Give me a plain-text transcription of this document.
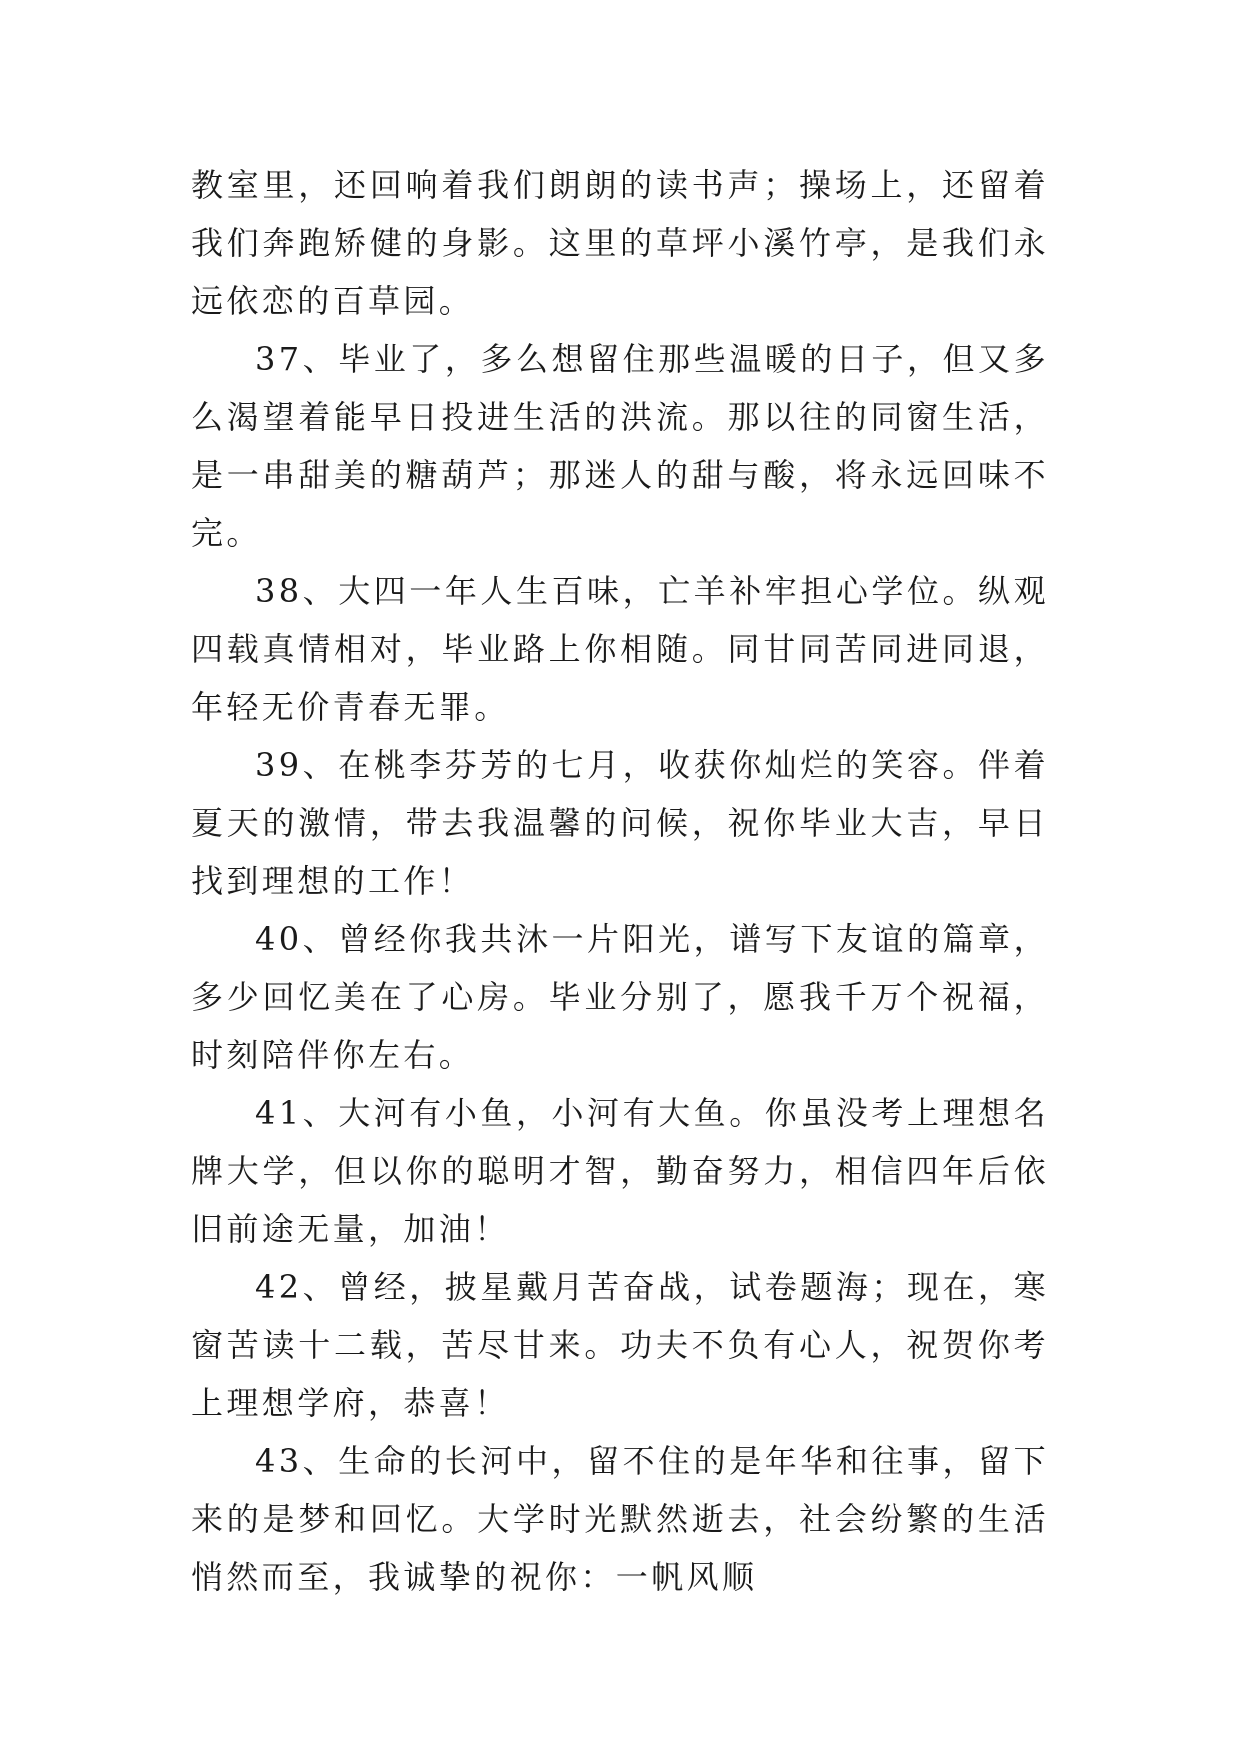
教室里，还回响着我们朗朗的读书声；操场上，还留着我们奔跑矫健的身影。这里的草坪小溪竹亭，是我们永远依恋的百草园。

37、毕业了，多么想留住那些温暖的日子，但又多么渴望着能早日投进生活的洪流。那以往的同窗生活，是一串甜美的糖葫芦；那迷人的甜与酸，将永远回味不完。

38、大四一年人生百味，亡羊补牢担心学位。纵观四载真情相对，毕业路上你相随。同甘同苦同进同退，年轻无价青春无罪。

39、在桃李芬芳的七月，收获你灿烂的笑容。伴着夏天的激情，带去我温馨的问候，祝你毕业大吉，早日找到理想的工作！

40、曾经你我共沐一片阳光，谱写下友谊的篇章，多少回忆美在了心房。毕业分别了，愿我千万个祝福，时刻陪伴你左右。

41、大河有小鱼，小河有大鱼。你虽没考上理想名牌大学，但以你的聪明才智，勤奋努力，相信四年后依旧前途无量，加油！

42、曾经，披星戴月苦奋战，试卷题海；现在，寒窗苦读十二载，苦尽甘来。功夫不负有心人，祝贺你考上理想学府，恭喜！

43、生命的长河中，留不住的是年华和往事，留下来的是梦和回忆。大学时光默然逝去，社会纷繁的生活悄然而至，我诚挚的祝你：一帆风顺
